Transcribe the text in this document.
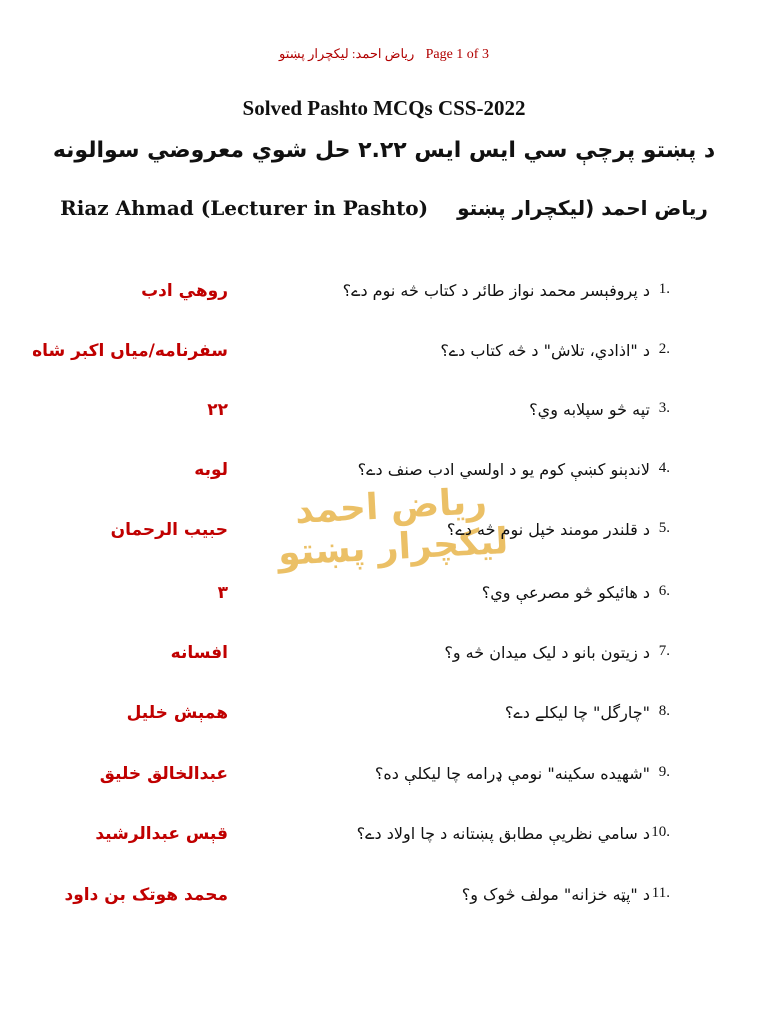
رياض احمد: ليکچرار پښتو Page 1 of 3
Solved Pashto MCQs CSS-2022
د پښتو پرچې سي ايس ايس ۲.۲۲ حل شوي معروضي سوالونه
Riaz Ahmad (Lecturer in Pashto) رياض احمد (ليکچرار پښتو
رياض احمد ليکچرار پښتو
1.
د پروفېسر محمد نواز طائر د کتاب څه نوم دے؟
روهي ادب
2.
د "اذادي، تلاش" د څه کتاب دے؟
سفرنامه/میاں اکبر شاه
3.
تپه څو سپلابه وي؟
۲۲
4.
لاندېنو کښې کوم يو د اولسي ادب صنف دے؟
لوبه
5.
د قلندر مومند خپل نوم څه دے؟
حبيب الرحمان
6.
د هائيکو څو مصرعې وي؟
۳
7.
د زيتون بانو د ليک ميدان څه و؟
افسانه
8.
"چارگل" چا ليکلے دے؟
همېش خليل
9.
"شهيده سکينه" نومې ډرامه چا ليکلې ده؟
عبدالخالق خليق
10.
د سامي نظريې مطابق پښتانه د چا اولاد دے؟
قېس عبدالرشيد
11.
د "پټه خزانه" مولف څوک و؟
محمد هوتک بن داود
